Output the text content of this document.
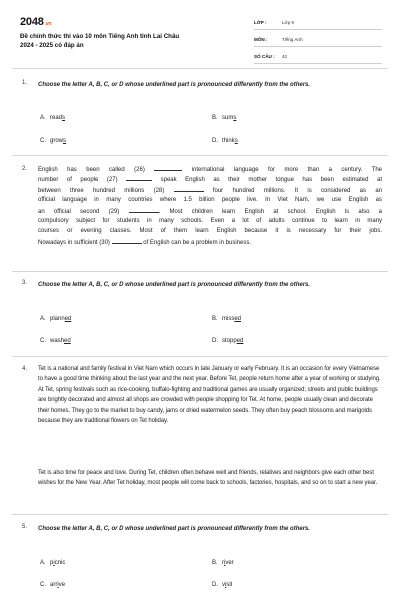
2048.vn
Đề chính thức thi vào 10 môn Tiếng Anh tỉnh Lai Châu
2024 - 2025 có đáp án
LỚP :	Lớp 9
MÔN :	Tiếng Anh
SỐ CÂU :	42
1. Choose the letter A, B, C, or D whose underlined part is pronounced differently from the others.
A. reads	B. sums
C. grows	D. thinks
2. English has been called (26)	international language for more than a century. The
number of people (27)	speak English as their mother tongue has been estimated at
between three hundred millions (28)	four hundred millions. It is considered as an
official language in many countries where 1.5 billion people live. In Viet Nam, we use English as
an official second (29)	. Most children learn English at school. English is also a
compulsory subject for students in many schools. Even a lot of adults continue to learn in many
courses or evening classes. Most of them learn English because it is necessary for their jobs.
Nowadays in sufficient (30)	of English can be a problem in business.
3. Choose the letter A, B, C, or D whose underlined part is pronounced differently from the others.
A. planned	B. missed
C. washed	D. stopped
4. Tet is a national and family festival in Viet Nam which occurs in late January or early February. It is an occasion for every Vietnamese to have a good time thinking about the last year and the next year. Before Tet, people return home after a year of working or studying. At Tet, spring festivals such as rice-cooking, buffalo-fighting and traditional games are usually organized; streets and public buildings are brightly decorated and almost all shops are crowded with people shopping for Tet. At home, people usually clean and decorate their homes. They go to the market to buy candy, jams or dried watermelon seeds. They often buy peach blossoms and marigolds because they are traditional flowers on Tet holiday.
Tet is also time for peace and love. During Tet, children often behave well and friends, relatives and neighbors give each other best wishes for the New Year. After Tet holiday, most people will come back to schools, factories, hospitals, and so on to start a new year.
5. Choose the letter A, B, C, or D whose underlined part is pronounced differently from the others.
A. picnic	B. river
C. arrive	D. visit
